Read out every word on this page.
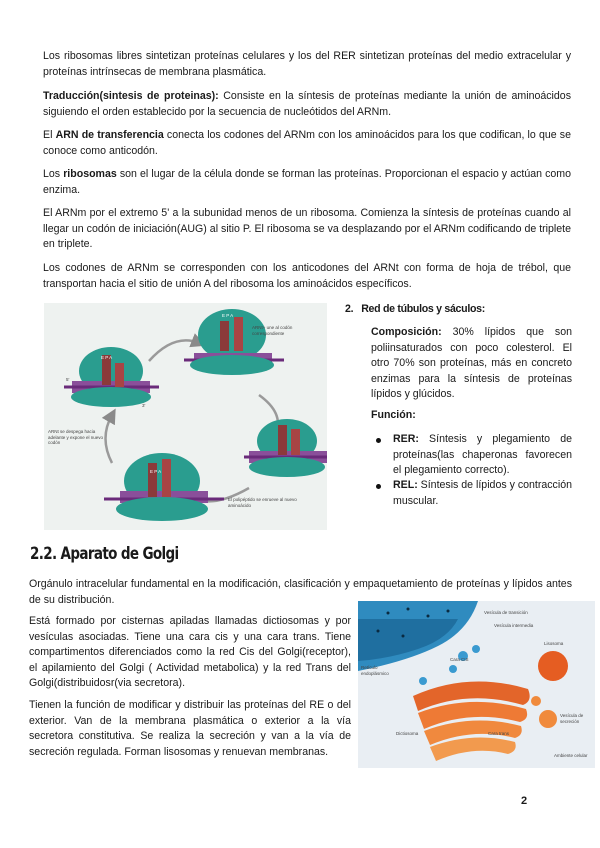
Los ribosomas libres sintetizan proteínas celulares y los del RER sintetizan proteínas del medio extracelular y proteínas intrínsecas de membrana plasmática.
Traducción(sintesis de proteinas): Consiste en la síntesis de proteínas mediante la unión de aminoácidos siguiendo el orden establecido por la secuencia de nucleótidos del ARNm.
El ARN de transferencia conecta los codones del ARNm con los aminoácidos para los que codifican, lo que se conoce como anticodón.
Los ribosomas son el lugar de la célula donde se forman las proteínas. Proporcionan el espacio y actúan como enzima.
El ARNm por el extremo 5' a la subunidad menos de un ribosoma. Comienza la síntesis de proteínas cuando al llegar un codón de iniciación(AUG) al sitio P. El ribosoma se va desplazando por el ARNm codificando de triplete en triplete.
Los codones de ARNm se corresponden con los anticodones del ARNt con forma de hoja de trébol, que transportan hacia el sitio de unión A del ribosoma los aminoácidos específicos.
ARNt+ une al codón correspondiente
ARNt se despega hacia adelante y expone el nuevo codón
El polipéptido se enrueve al nuevo aminoácido
E P A
E P A
E P A
5'
3'
2. Red de túbulos y sáculos:
Composición: 30% lípidos que son poliinsaturados con poco colesterol. El otro 70% son proteínas, más en concreto enzimas para la síntesis de proteínas lípidos y glúcidos.
Función:
RER: Síntesis y plegamiento de proteínas(las chaperonas favorecen el plegamiento correcto).
REL: Síntesis de lípidos y contracción muscular.
2.2. Aparato de Golgi
Orgánulo intracelular fundamental en la modificación, clasificación y empaquetamiento de proteínas y lípidos antes de su distribución.
Está formado por cisternas apiladas llamadas dictiosomas y por vesículas asociadas. Tiene una cara cis y una cara trans. Tiene compartimentos diferenciados como la red Cis del Golgi(receptor), el apilamiento del Golgi ( Actividad metabolica) y la red Trans del Golgi(distribuidosr(via secretora).
Tienen la función de modificar y distribuir las proteínas del RE o del exterior. Van de la membrana plasmática o exterior a la vía secretora constitutiva. Se realiza la secreción y van a la vía de secreción regulada. Forman lisosomas y renuevan membranas.
Vesícula de transición
Vesícula intermedia
Lisosoma
Retículo endoplásmico
Cara CIS
Dictiosoma	Cara trans
Vesícula de secreción
Ambiente celular
2
